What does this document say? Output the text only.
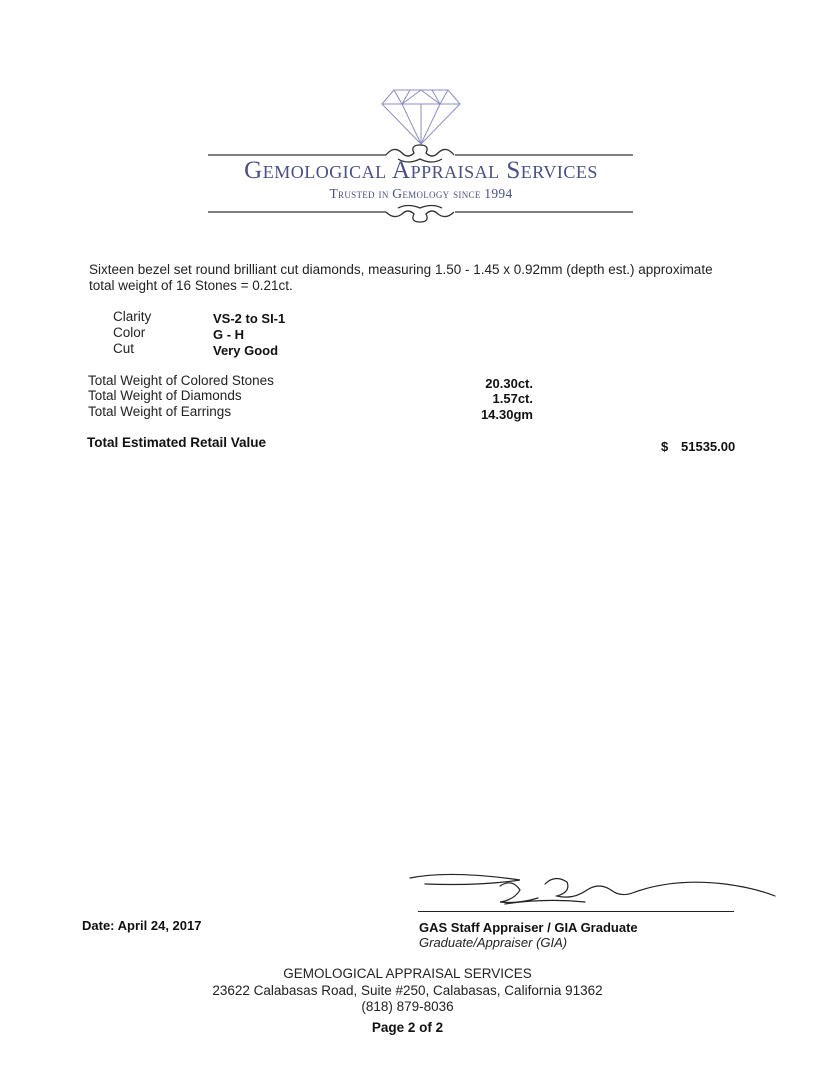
Gemological Appraisal Services
Trusted in Gemology since 1994
Sixteen bezel set round brilliant cut diamonds, measuring 1.50 - 1.45 x 0.92mm (depth est.) approximate total weight of 16 Stones = 0.21ct.
Clarity	VS-2 to SI-1
Color	G - H
Cut	Very Good
Total Weight of Colored Stones	20.30ct.
Total Weight of Diamonds	1.57ct.
Total Weight of Earrings	14.30gm
Total Estimated Retail Value	$ 51535.00
Date: April 24, 2017	GAS Staff Appraiser / GIA Graduate
Graduate/Appraiser (GIA)
GEMOLOGICAL APPRAISAL SERVICES
23622 Calabasas Road, Suite #250, Calabasas, California 91362
(818) 879-8036
Page 2 of 2
